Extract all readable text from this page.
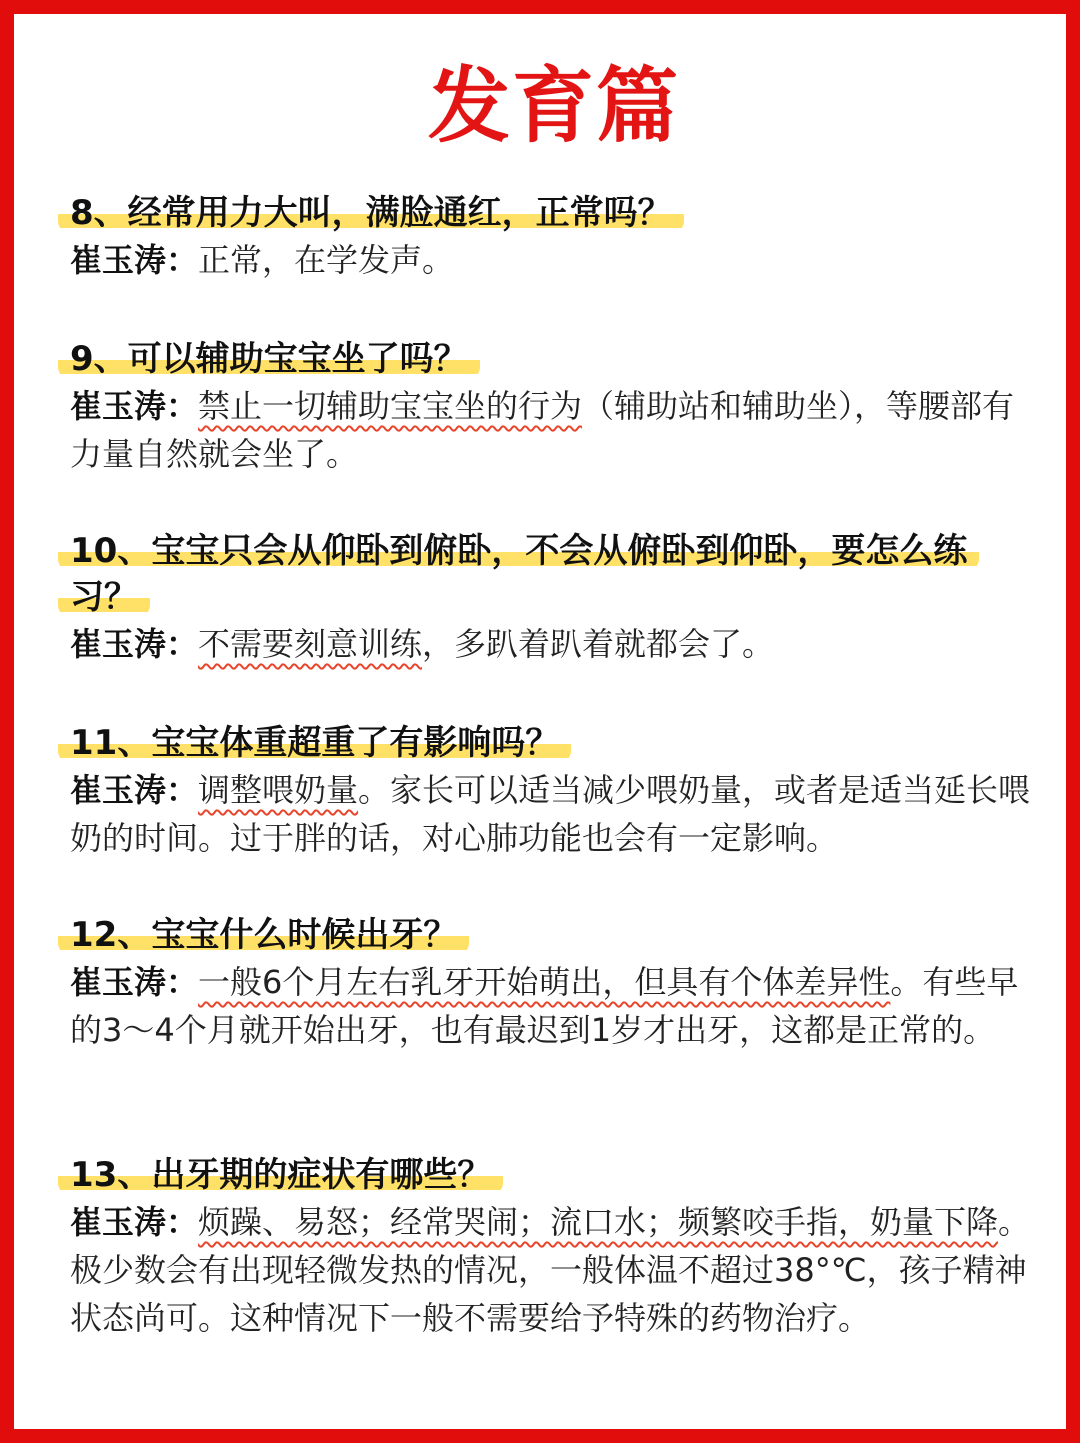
发育篇

8、经常用力大叫，满脸通红，正常吗？

崔玉涛：正常，在学发声。

9、可以辅助宝宝坐了吗？

崔玉涛：禁止一切辅助宝宝坐的行为（辅助站和辅助坐），等腰部有力量自然就会坐了。

10、宝宝只会从仰卧到俯卧，不会从俯卧到仰卧，要怎么练习？

崔玉涛：不需要刻意训练，多趴着趴着就都会了。

11、宝宝体重超重了有影响吗？

崔玉涛：调整喂奶量。家长可以适当减少喂奶量，或者是适当延长喂奶的时间。过于胖的话，对心肺功能也会有一定影响。

12、宝宝什么时候出牙？

崔玉涛：一般6个月左右乳牙开始萌出，但具有个体差异性。有些早的3～4个月就开始出牙，也有最迟到1岁才出牙，这都是正常的。

13、出牙期的症状有哪些？

崔玉涛：烦躁、易怒；经常哭闹；流口水；频繁咬手指，奶量下降。极少数会有出现轻微发热的情况，一般体温不超过38°℃，孩子精神状态尚可。这种情况下一般不需要给予特殊的药物治疗。
